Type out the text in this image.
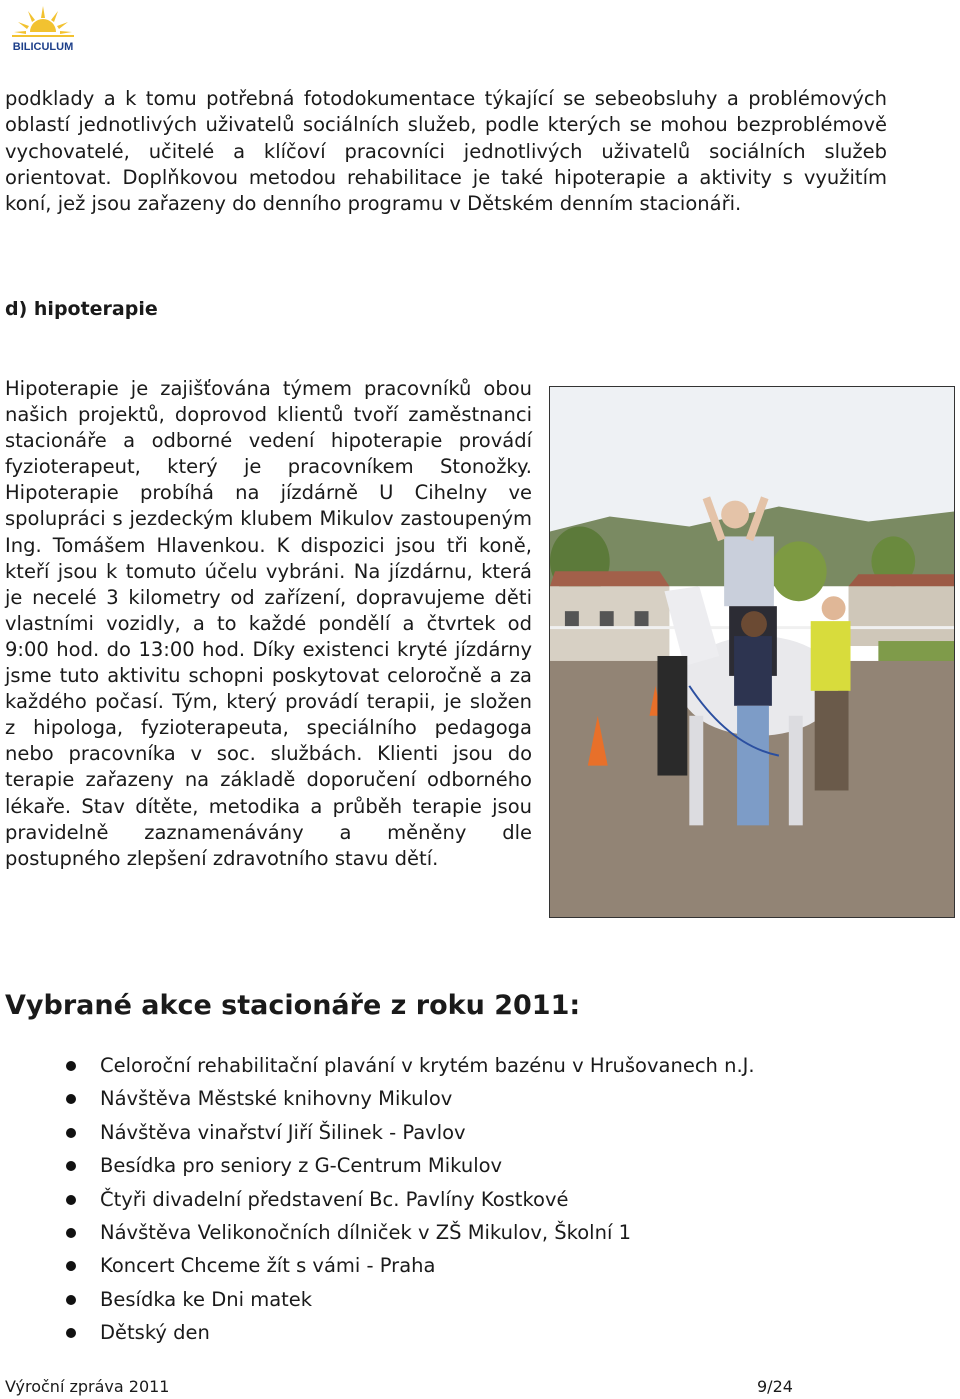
BILICULUM

podklady a k tomu potřebná fotodokumentace týkající se sebeobsluhy a problémových oblastí jednotlivých uživatelů sociálních služeb, podle kterých se mohou bezproblémově vychovatelé, učitelé a klíčoví pracovníci jednotlivých uživatelů sociálních služeb orientovat. Doplňkovou metodou rehabilitace je také hipoterapie a aktivity s využitím koní, jež jsou zařazeny do denního programu v Dětském denním stacionáři.

d) hipoterapie

Hipoterapie je zajišťována týmem pracovníků obou našich projektů, doprovod klientů tvoří zaměstnanci stacionáře a odborné vedení hipoterapie provádí fyzioterapeut, který je pracovníkem Stonožky. Hipoterapie probíhá na jízdárně U Cihelny ve spolupráci s jezdeckým klubem Mikulov zastoupeným Ing. Tomášem Hlavenkou. K dispozici jsou tři koně, kteří jsou k tomuto účelu vybráni. Na jízdárnu, která je necelé 3 kilometry od zařízení, dopravujeme děti vlastními vozidly, a to každé pondělí a čtvrtek od 9:00 hod. do 13:00 hod. Díky existenci kryté jízdárny jsme tuto aktivitu schopni poskytovat celoročně a za každého počasí. Tým, který provádí terapii, je složen z hipologa, fyzioterapeuta, speciálního pedagoga nebo pracovníka v soc. službách. Klienti jsou do terapie zařazeny na základě doporučení odborného lékaře. Stav dítěte, metodika a průběh terapie jsou pravidelně zaznamenávány a měněny dle postupného zlepšení zdravotního stavu dětí.

Vybrané akce stacionáře z roku 2011:
Celoroční rehabilitační plavání v krytém bazénu v Hrušovanech n.J.
Návštěva Městské knihovny Mikulov
Návštěva vinařství Jiří Šilinek - Pavlov
Besídka pro seniory z G-Centrum Mikulov
Čtyři divadelní představení Bc. Pavlíny Kostkové
Návštěva Velikonočních dílniček v ZŠ Mikulov, Školní 1
Koncert Chceme žít s vámi - Praha
Besídka ke Dni matek
Dětský den
Výroční zpráva 2011	9/24
